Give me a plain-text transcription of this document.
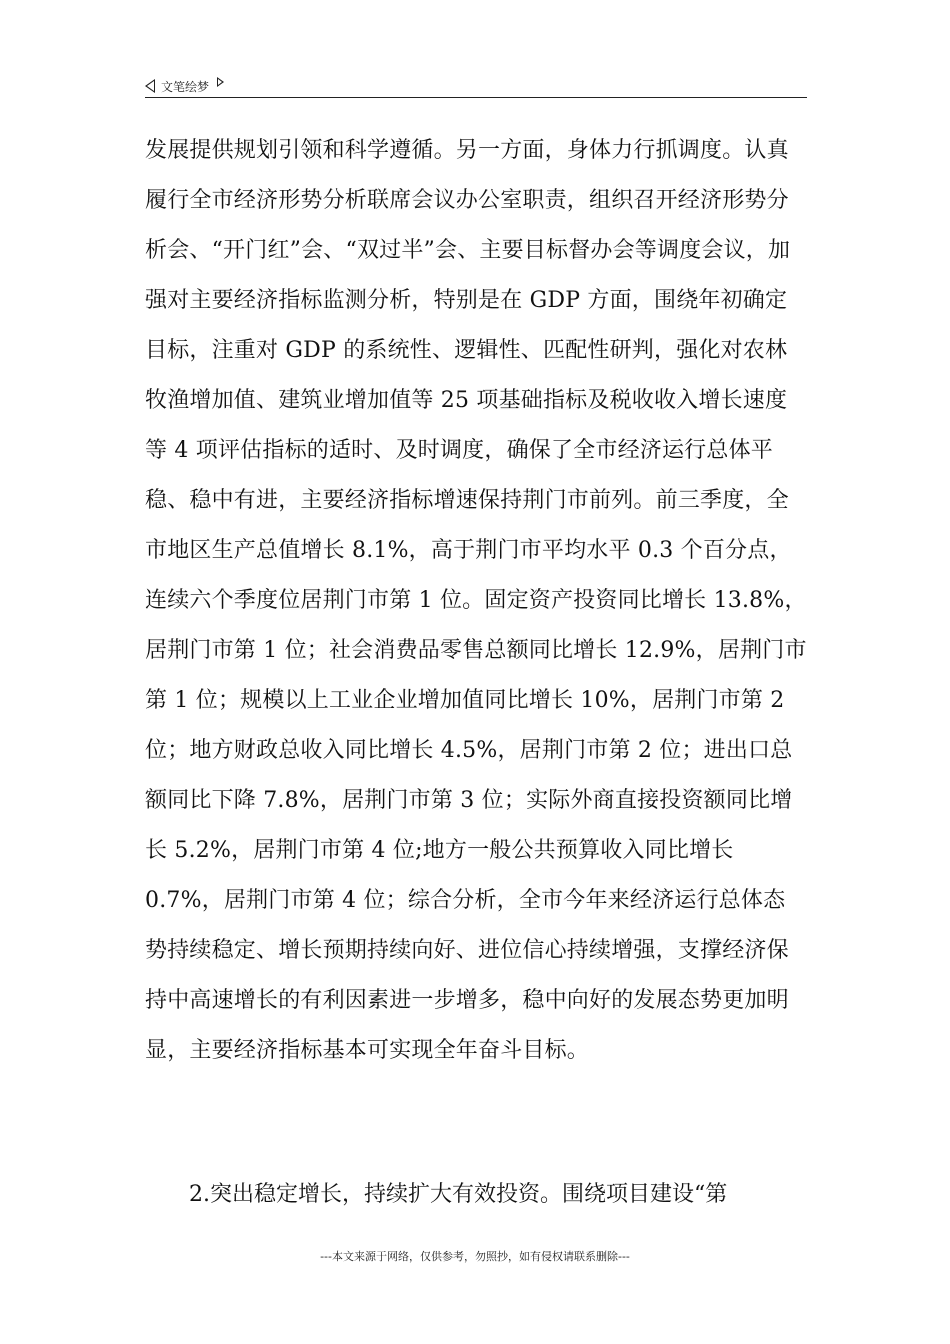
文笔绘梦
发展提供规划引领和科学遵循。另一方面，身体力行抓调度。认真履行全市经济形势分析联席会议办公室职责，组织召开经济形势分析会、“开门红”会、“双过半”会、主要目标督办会等调度会议，加强对主要经济指标监测分析，特别是在 GDP 方面，围绕年初确定目标，注重对 GDP 的系统性、逻辑性、匹配性研判，强化对农林牧渔增加值、建筑业增加值等 25 项基础指标及税收收入增长速度等 4 项评估指标的适时、及时调度，确保了全市经济运行总体平稳、稳中有进，主要经济指标增速保持荆门市前列。前三季度，全市地区生产总值增长 8.1%，高于荆门市平均水平 0.3 个百分点，连续六个季度位居荆门市第 1 位。固定资产投资同比增长 13.8%，居荆门市第 1 位；社会消费品零售总额同比增长 12.9%，居荆门市第 1 位；规模以上工业企业增加值同比增长 10%，居荆门市第 2 位；地方财政总收入同比增长 4.5%，居荆门市第 2 位；进出口总额同比下降 7.8%，居荆门市第 3 位；实际外商直接投资额同比增长 5.2%，居荆门市第 4 位;地方一般公共预算收入同比增长 0.7%，居荆门市第 4 位；综合分析，全市今年来经济运行总体态势持续稳定、增长预期持续向好、进位信心持续增强，支撑经济保持中高速增长的有利因素进一步增多，稳中向好的发展态势更加明显，主要经济指标基本可实现全年奋斗目标。
2.突出稳定增长，持续扩大有效投资。围绕项目建设“第
---本文来源于网络，仅供参考，勿照抄，如有侵权请联系删除---
